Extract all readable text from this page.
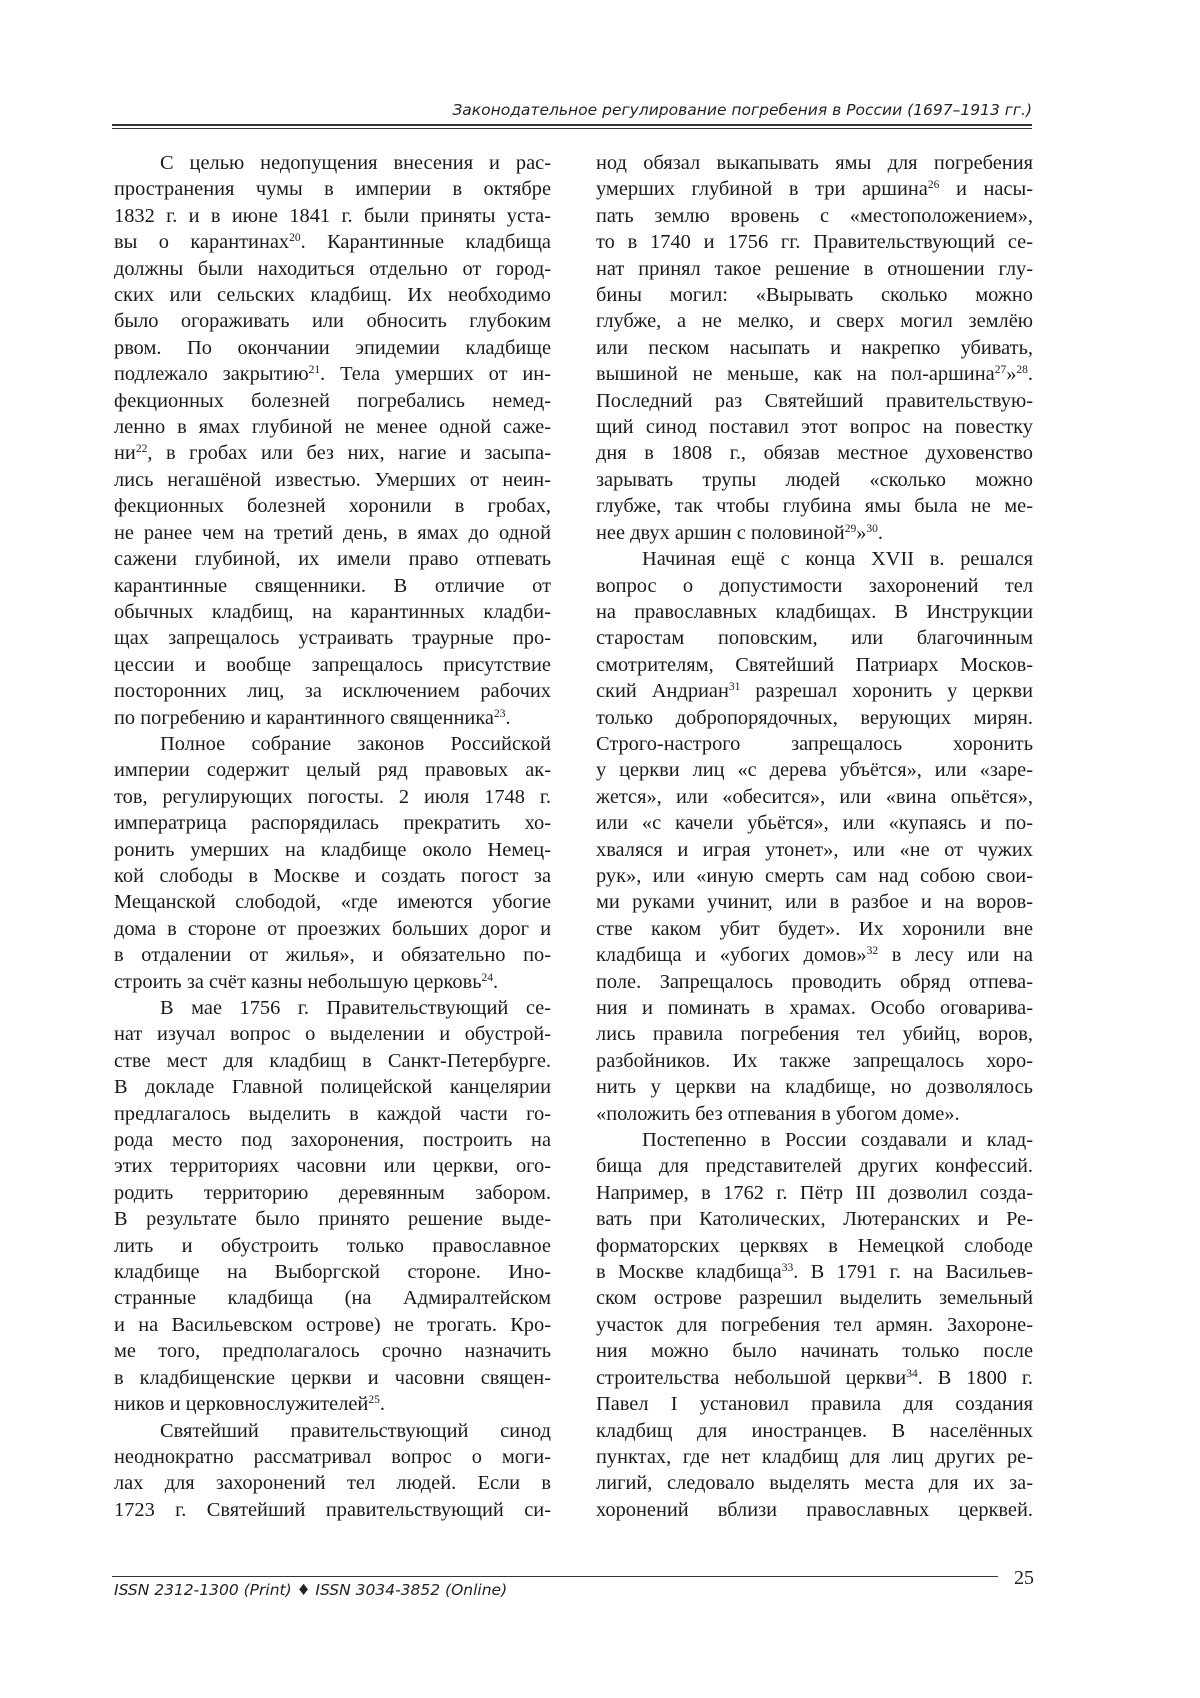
Законодательное регулирование погребения в России (1697–1913 гг.)

С целью недопущения внесения и рас-
пространения чумы в империи в октябре
1832 г. и в июне 1841 г. были приняты уста-
вы о карантинах$^{20}$. Карантинные кладбища
должны были находиться отдельно от город-
ских или сельских кладбищ. Их необходимо
было огораживать или обносить глубоким
рвом. По окончании эпидемии кладбище
подлежало закрытию$^{21}$. Тела умерших от ин-
фекционных болезней погребались немед-
ленно в ямах глубиной не менее одной саже-
$ни^{22}$, в гробах или без них, нагие и засыпа-
лись негашёной известью. Умерших от неин-
фекционных болезней хоронили в гробах,
не ранее чем на третий день, в ямах до одной
сажени глубиной, их имели право отпевать
карантинные священники. В отличие от
обычных кладбищ, на карантинных кладби-
щах запрещалось устраивать траурные про-
цессии и вообще запрещалось присутствие
посторонних лиц, за исключением рабочих
по погребению и карантинного священника$^{23}$.

Полное собрание законов Российской
империи содержит целый ряд правовых ак-
тов, регулирующих погосты. 2 июля 1748 г.
императрица распорядилась прекратить хо-
ронить умерших на кладбище около Немец-
кой слободы в Москве и создать погост за
Мещанской слободой, «где имеются убогие
дома в стороне от проезжих больших дорог и
в отдалении от жилья», и обязательно по-
строить за счёт казны небольшую церковь$^{24}$.

В мае 1756 г. Правительствующий се-
нат изучал вопрос о выделении и обустрой-
стве мест для кладбищ в Санкт-Петербурге.
В докладе Главной полицейской канцелярии
предлагалось выделить в каждой части го-
рода место под захоронения, построить на
этих территориях часовни или церкви, ого-
родить территорию деревянным забором.
В результате было принято решение выде-
лить и обустроить только православное
кладбище на Выборгской стороне. Ино-
странные кладбища (на Адмиралтейском
и на Васильевском острове) не трогать. Кро-
ме того, предполагалось срочно назначить
в кладбищенские церкви и часовни священ-
ников и церковнослужителей$^{25}$.

Святейший правительствующий синод
неоднократно рассматривал вопрос о моги-
лах для захоронений тел людей. Если в
1723 г. Святейший правительствующий си-

нод обязал выкапывать ямы для погребения
умерших глубиной в три аршина$^{26}$ и насы-
пать землю вровень с «местоположением»,
то в 1740 и 1756 гг. Правительствующий се-
нат принял такое решение в отношении глу-
бины могил: «Вырывать сколько можно
глубже, а не мелко, и сверх могил землёю
или песком насыпать и накрепко убивать,
вышиной не меньше, как на пол-аршина$^{27}$»$^{28}$.
Последний раз Святейший правительствую-
щий синод поставил этот вопрос на повестку
дня в 1808 г., обязав местное духовенство
зарывать трупы людей «сколько можно
глубже, так чтобы глубина ямы была не ме-
нее двух аршин с половиной$^{29}$»$^{30}$.

Начиная ещё с конца XVII в. решался
вопрос о допустимости захоронений тел
на православных кладбищах. В Инструкции
старостам поповским, или благочинным
смотрителям, Святейший Патриарх Москов-
ский Андриан$^{31}$ разрешал хоронить у церкви
только добропорядочных, верующих мирян.
Строго-настрого запрещалось хоронить
у церкви лиц «с дерева убъётся», или «заре-
жется», или «обесится», или «вина опьётся»,
или «с качели убьётся», или «купаясь и по-
хваляся и играя утонет», или «не от чужих
рук», или «иную смерть сам над собою свои-
ми руками учинит, или в разбое и на воров-
стве каком убит будет». Их хоронили вне
кладбища и «убогих домов»$^{32}$ в лесу или на
поле. Запрещалось проводить обряд отпева-
ния и поминать в храмах. Особо оговарива-
лись правила погребения тел убийц, воров,
разбойников. Их также запрещалось хоро-
нить у церкви на кладбище, но дозволялось
«положить без отпевания в убогом доме».

Постепенно в России создавали и клад-
бища для представителей других конфессий.
Например, в 1762 г. Пётр III дозволил созда-
вать при Католических, Лютеранских и Ре-
форматорских церквях в Немецкой слободе
в Москве кладбища$^{33}$. В 1791 г. на Васильев-
ском острове разрешил выделить земельный
участок для погребения тел армян. Захороне-
ния можно было начинать только после
строительства небольшой церкви$^{34}$. В 1800 г.
Павел I установил правила для создания
кладбищ для иностранцев. В населённых
пунктах, где нет кладбищ для лиц других ре-
лигий, следовало выделять места для их за-
хоронений вблизи православных церквей.

ISSN 2312-1300 (Print) ♦ ISSN 3034-3852 (Online)
25
